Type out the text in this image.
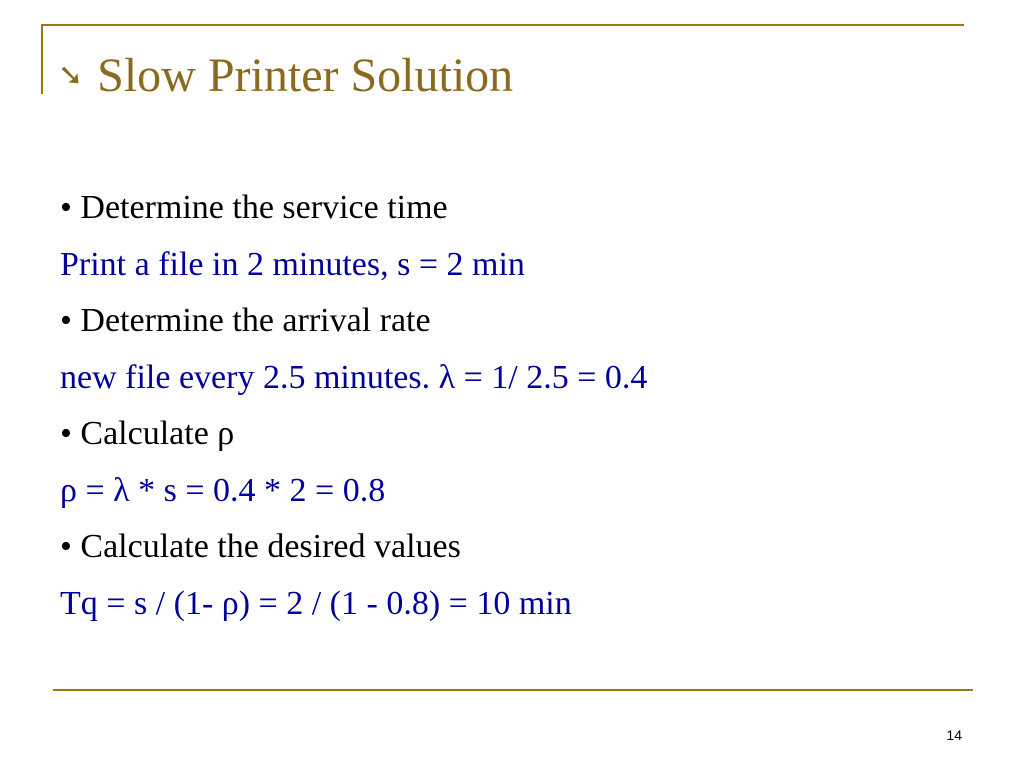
➘ Slow Printer Solution
• Determine the service time
Print a file in 2 minutes, s = 2 min
• Determine the arrival rate
new file every 2.5 minutes. λ = 1/ 2.5 = 0.4
• Calculate ρ
ρ = λ * s = 0.4 * 2 = 0.8
• Calculate the desired values
Tq = s / (1- ρ) = 2 / (1 - 0.8) = 10 min
14
